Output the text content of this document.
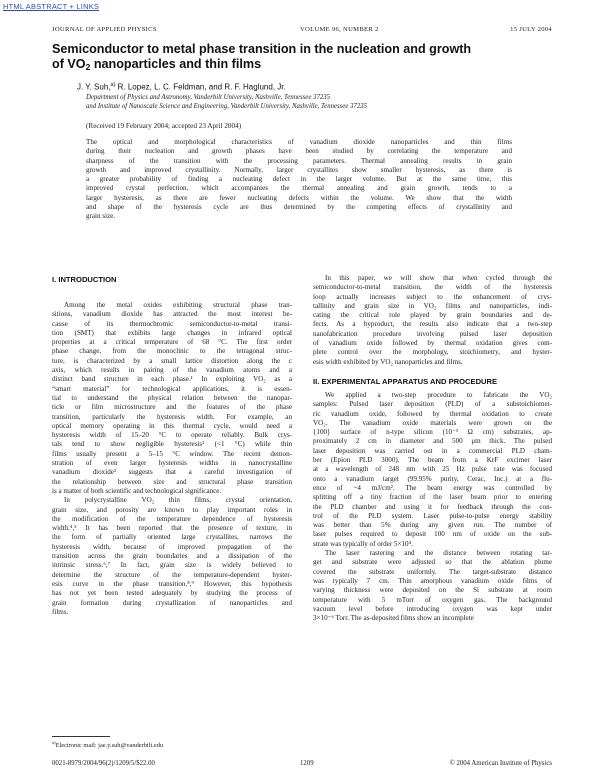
HTML ABSTRACT + LINKS
JOURNAL OF APPLIED PHYSICS	VOLUME 96, NUMBER 2	15 JULY 2004
Semiconductor to metal phase transition in the nucleation and growth
of $VO_2$ nanoparticles and thin films
J. Y. Suh,$^{a)}$ R. Lopez, L. C. Feldman, and R. F. Haglund, Jr.
Department of Physics and Astronomy, Vanderbilt University, Nashville, Tennessee 37235
and Institute of Nanoscale Science and Engineering, Vanderbilt University, Nashville, Tennessee 37235
(Received 19 February 2004; accepted 23 April 2004)
The optical and morphological characteristics of vanadium dioxide nanoparticles and thin films
during their nucleation and growth phases have been studied by correlating the temperature and
sharpness of the transition with the processing parameters. Thermal annealing results in grain
growth and improved crystallinity. Normally, larger crystallites show smaller hysteresis, as there is
a greater probability of finding a nucleating defect in the larger volume. But at the same time, this
improved crystal perfection, which accompanies the thermal annealing and grain growth, tends to a
larger hysteresis, as there are fewer nucleating defects within the volume. We show that the width
and shape of the hysteresis cycle are thus determined by the competing effects of crystallinity and
grain size.
I. INTRODUCTION
Among the metal oxides exhibiting structural phase tran-
sitions, vanadium dioxide has attracted the most interest be-
cause of its thermochromic semiconductor-to-metal transi-
tion (SMT) that exhibits large changes in infrared optical
properties at a critical temperature of 68 °C. The first order
phase change, from the monoclinic to the tetragonal struc-
ture, is characterized by a small lattice distortion along the c
axis, which results in pairing of the vanadium atoms and a
distinct band structure in each phase.¹ In exploiting VO₂ as a
“smart material” for technological applications, it is essen-
tial to understand the physical relation between the nanopar-
ticle or film microstructure and the features of the phase
transition, particularly the hysteresis width. For example, an
optical memory operating in this thermal cycle, would need a
hysteresis width of 15–20 °C to operate reliably. Bulk crys-
tals tend to show negligible hysteresis² (<1 °C) while thin
films usually present a 5–15 °C window. The recent demon-
stration of even larger hysteresis widths in nanocrystalline
vanadium dioxide³ suggests that a careful investigation of
the relationship between size and structural phase transition
is a matter of both scientific and technological significance.
In polycrystalline VO₂ thin films, crystal orientation,
grain size, and porosity are known to play important roles in
the modification of the temperature dependence of hysteresis
width.⁴,⁵ It has been reported that the presence of texture, in
the form of partially oriented large crystallites, narrows the
hysteresis width, because of improved propagation of the
transition across the grain boundaries and a dissipation of the
intrinsic stress.⁶,⁷ In fact, grain size is widely believed to
determine the structure of the temperature-dependent hyster-
esis curve in the phase transition.⁸,⁹ However, this hypothesis
has not yet been tested adequately by studying the process of
grain formation during crystallization of nanoparticles and
films.
In this paper, we will show that when cycled through the
semiconductor-to-metal transition, the width of the hysteresis
loop actually increases subject to the enhancement of crys-
tallinity and grain size in VO₂ films and nanoparticles, indi-
cating the critical role played by grain boundaries and de-
fects. As a byproduct, the results also indicate that a two-step
nanofabrication procedure involving pulsed laser deposition
of vanadium oxide followed by thermal oxidation gives com-
plete control over the morphology, stoichiometry, and hyster-
esis width exhibited by VO₂ nanoparticles and films.
II. EXPERIMENTAL APPARATUS AND PROCEDURE
We applied a two-step procedure to fabricate the VO₂
samples: Pulsed laser deposition (PLD) of a substoichiomet-
ric vanadium oxide, followed by thermal oxidation to create
VO₂. The vanadium oxide materials were grown on the
{100} surface of n-type silicon (10⁻³ Ω cm) substrates, ap-
proximately 2 cm in diameter and 500 μm thick. The pulsed
laser deposition was carried out in a commercial PLD cham-
ber (Epion PLD 3000). The beam from a KrF excimer laser
at a wavelength of 248 nm with 25 Hz pulse rate was focused
onto a vanadium target (99.95% purity, Cerac, Inc.) at a flu-
ence of ~4 mJ/cm². The beam energy was controlled by
splitting off a tiny fraction of the laser beam prior to entering
the PLD chamber and using it for feedback through the con-
trol of the PLD system. Laser pulse-to-pulse energy stability
was better than 5% during any given run. The number of
laser pulses required to deposit 100 nm of oxide on the sub-
strate was typically of order 5×10⁴.
The laser rastering and the distance between rotating tar-
get and substrate were adjusted so that the ablation plume
covered the substrate uniformly. The target-substrate distance
was typically 7 cm. Thin amorphous vanadium oxide films of
varying thickness were deposited on the Si substrate at room
temperature with 5 mTorr of oxygen gas. The background
vacuum level before introducing oxygen was kept under
3×10⁻⁶ Torr. The as-deposited films show an incomplete
$^{a)}$Electronic mail: jae.y.suh@vanderbilt.edu
0021-8979/2004/96(2)/1209/5/$22.00	1209	© 2004 American Institute of Physics
